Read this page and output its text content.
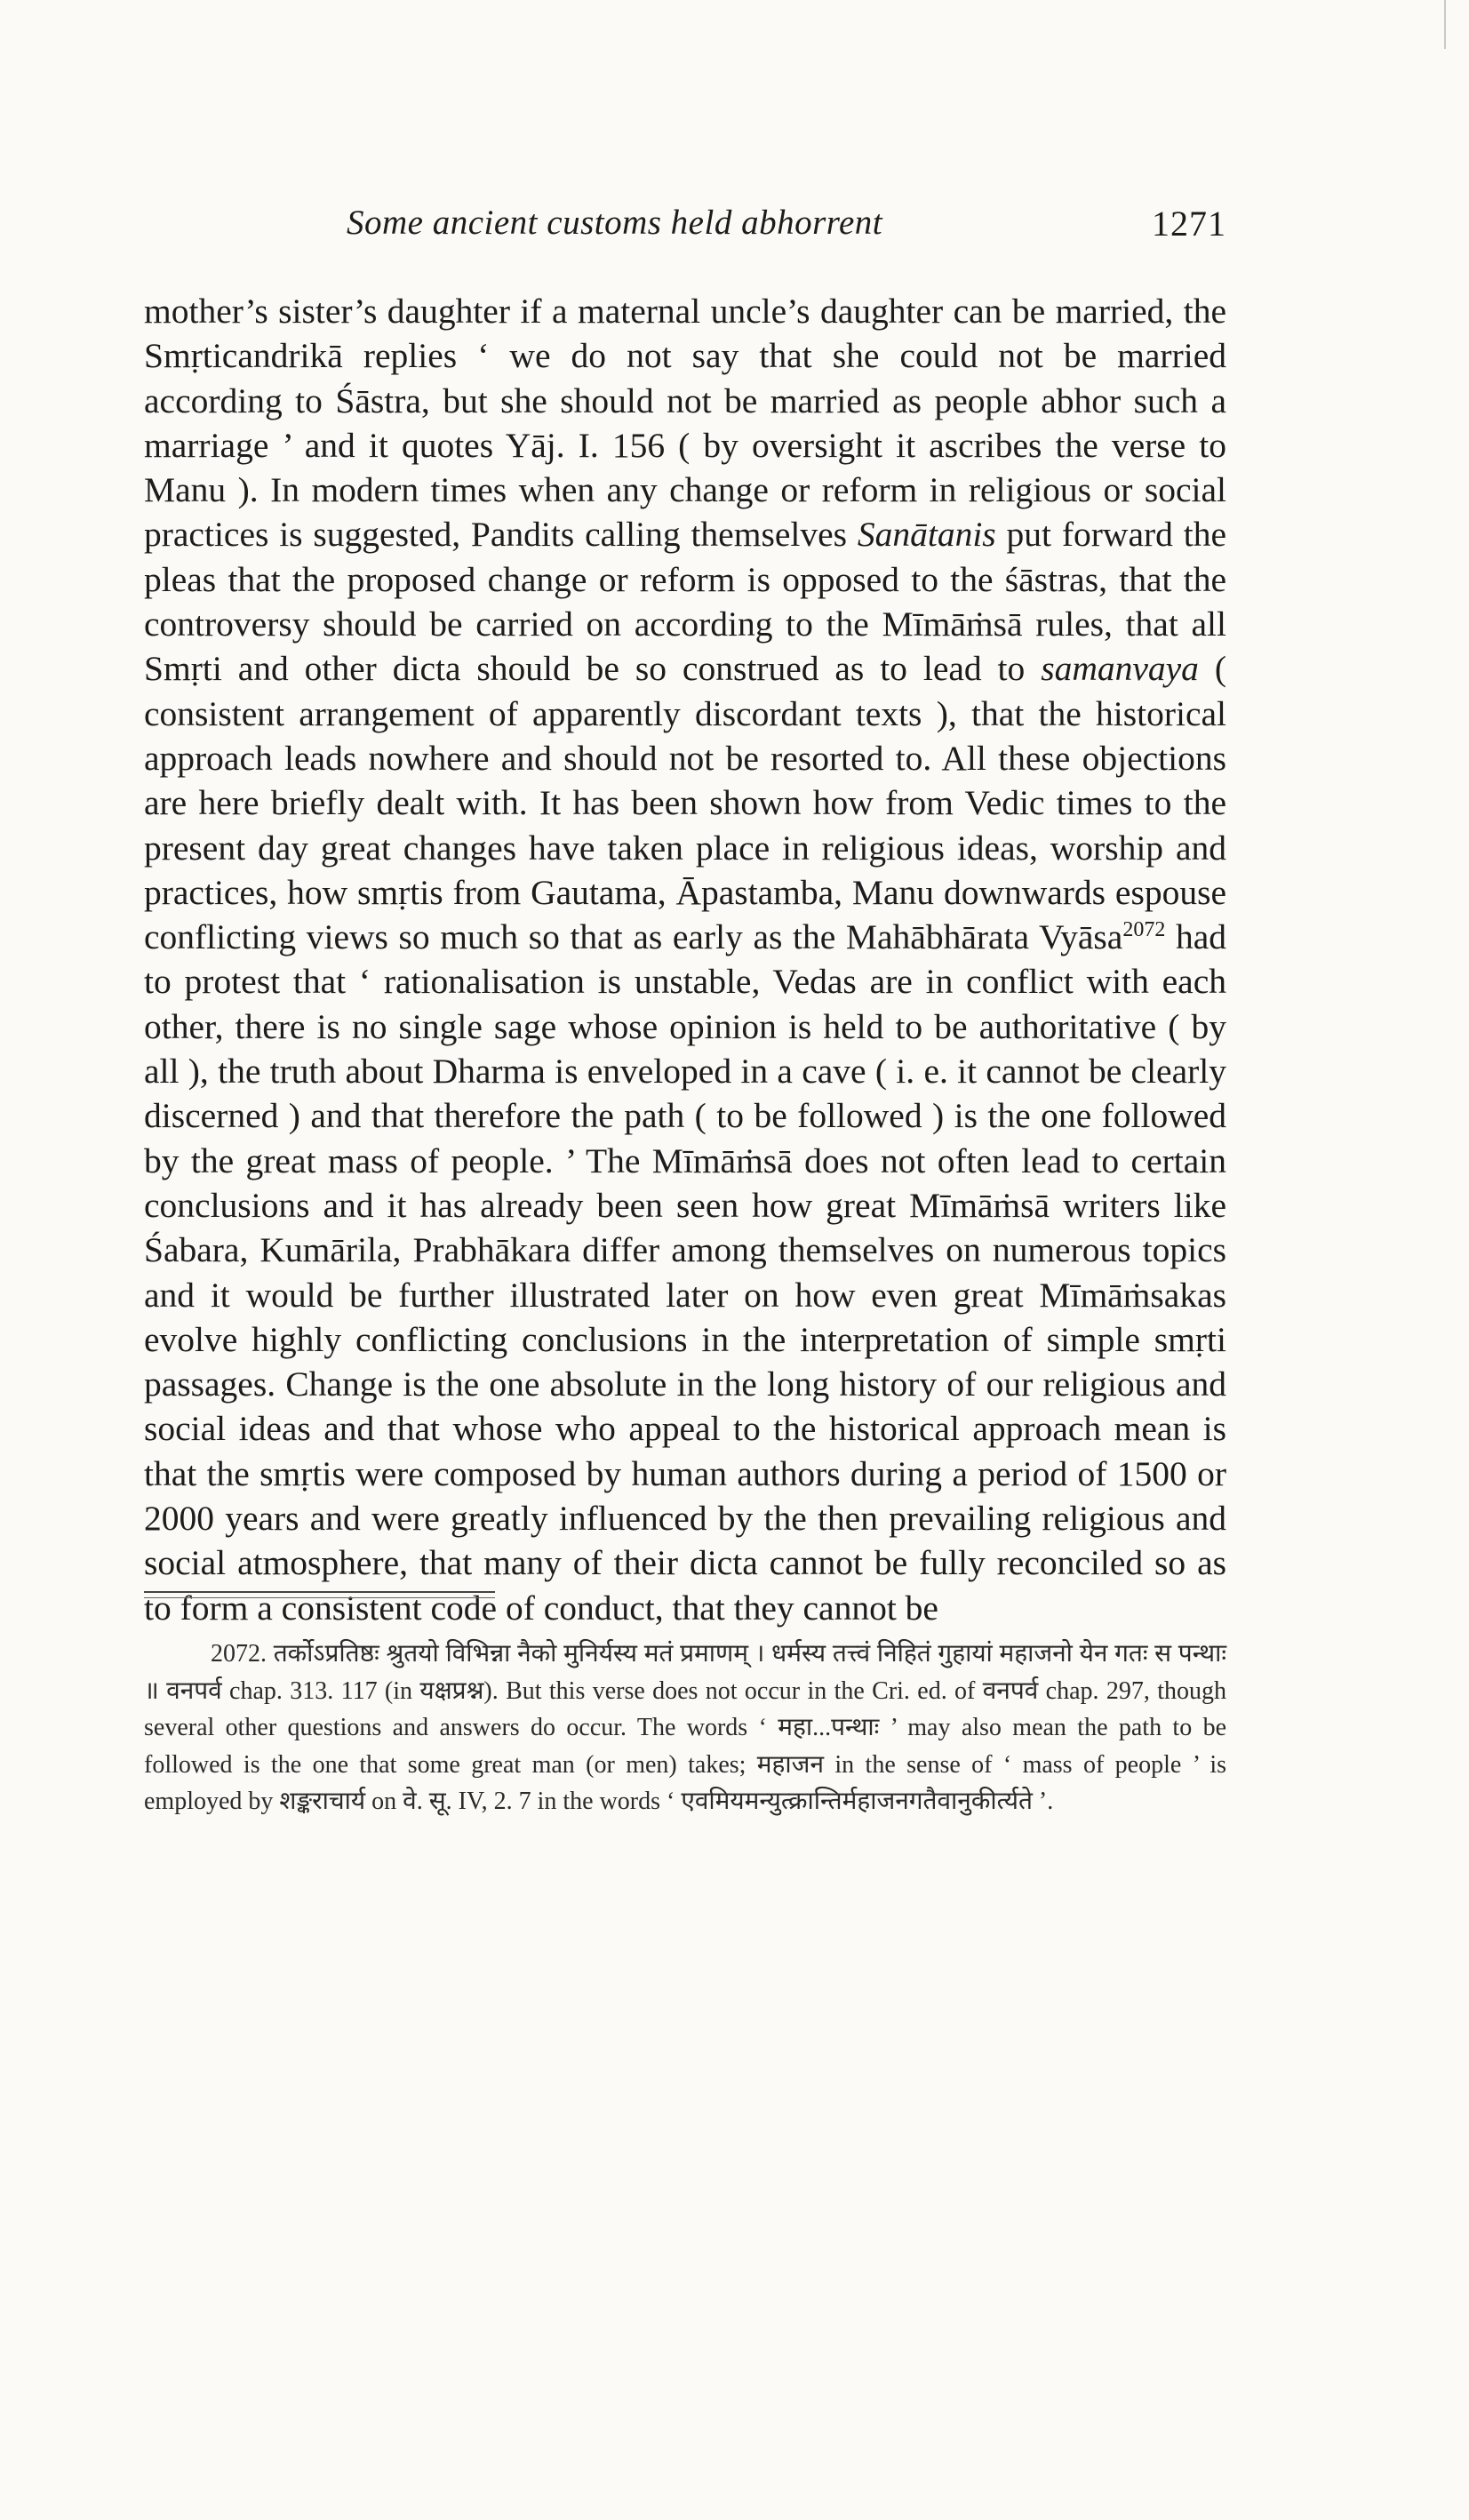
Some ancient customs held abhorrent	1271

mother’s sister’s daughter if a maternal uncle’s daughter can be married, the Smṛticandrikā replies ‘ we do not say that she could not be married according to Śāstra, but she should not be married as people abhor such a marriage ’ and it quotes Yāj. I. 156 ( by oversight it ascribes the verse to Manu ). In modern times when any change or reform in religious or social practices is suggested, Pandits calling themselves Sanātanis put forward the pleas that the proposed change or reform is opposed to the śāstras, that the controversy should be carried on according to the Mīmāṁsā rules, that all Smṛti and other dicta should be so construed as to lead to samanvaya ( consistent arrangement of apparently discordant texts ), that the historical approach leads nowhere and should not be resorted to. All these objections are here briefly dealt with. It has been shown how from Vedic times to the present day great changes have taken place in religious ideas, worship and practices, how smṛtis from Gautama, Āpastamba, Manu downwards espouse conflicting views so much so that as early as the Mahābhārata Vyāsa$^{2072}$ had to protest that ‘ rationalisation is unstable, Vedas are in conflict with each other, there is no single sage whose opinion is held to be authoritative ( by all ), the truth about Dharma is enveloped in a cave ( i. e. it cannot be clearly discerned ) and that therefore the path ( to be followed ) is the one followed by the great mass of people. ’ The Mīmāṁsā does not often lead to certain conclusions and it has already been seen how great Mīmāṁsā writers like Śabara, Kumārila, Prabhākara differ among themselves on numerous topics and it would be further illustrated later on how even great Mīmāṁsakas evolve highly conflicting conclusions in the interpretation of simple smṛti passages. Change is the one absolute in the long history of our religious and social ideas and that whose who appeal to the historical approach mean is that the smṛtis were composed by human authors during a period of 1500 or 2000 years and were greatly influenced by the then prevailing religious and social atmosphere, that many of their dicta cannot be fully reconciled so as to form a consistent code of conduct, that they cannot be

2072. तर्कोऽप्रतिष्ठः श्रुतयो विभिन्ना नैको मुनिर्यस्य मतं प्रमाणम् । धर्मस्य तत्त्वं निहितं गुहायां महाजनो येन गतः स पन्थाः ॥ वनपर्व chap. 313. 117 (in यक्षप्रश्न). But this verse does not occur in the Cri. ed. of वनपर्व chap. 297, though several other questions and answers do occur. The words ‘ महा...पन्थाः ’ may also mean the path to be followed is the one that some great man (or men) takes; महाजन in the sense of ‘ mass of people ’ is employed by शङ्कराचार्य on वे. सू. IV, 2. 7 in the words ‘ एवमियमन्युत्क्रान्तिर्महाजनगतैवानुकीर्त्यते ’.
